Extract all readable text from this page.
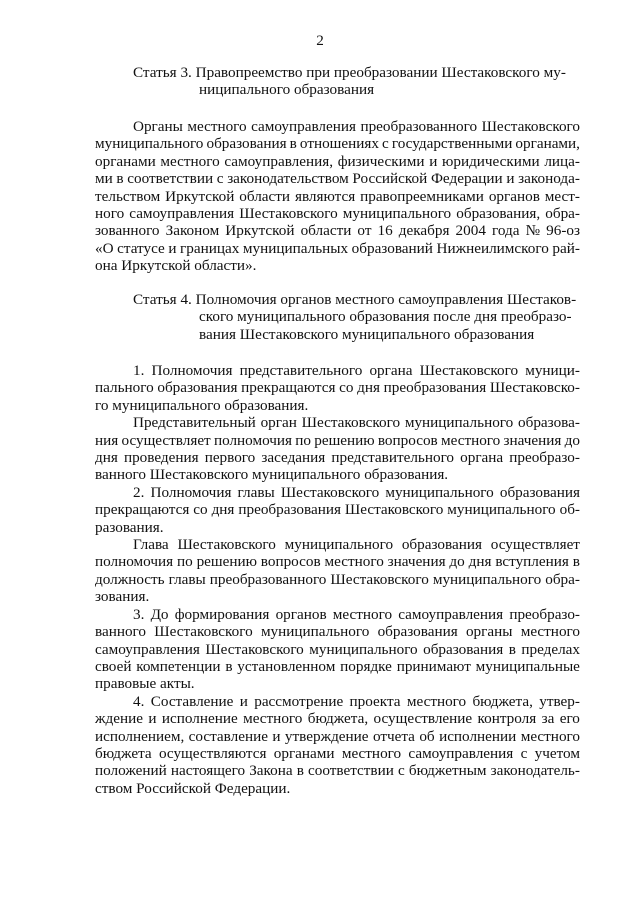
2
Статья 3. Правопреемство при преобразовании Шестаковского му-
ниципального образования
Органы местного самоуправления преобразованного Шестаковского
муниципального образования в отношениях с государственными органами,
органами местного самоуправления, физическими и юридическими лица-
ми в соответствии с законодательством Российской Федерации и законода-
тельством Иркутской области являются правопреемниками органов мест-
ного самоуправления Шестаковского муниципального образования, обра-
зованного Законом Иркутской области от 16 декабря 2004 года № 96-оз
«О статусе и границах муниципальных образований Нижнеилимского рай-
она Иркутской области».
Статья 4. Полномочия органов местного самоуправления Шестаков-
ского муниципального образования после дня преобразо-
вания Шестаковского муниципального образования
1. Полномочия представительного органа Шестаковского муници-
пального образования прекращаются со дня преобразования Шестаковско-
го муниципального образования.
Представительный орган Шестаковского муниципального образова-
ния осуществляет полномочия по решению вопросов местного значения до
дня проведения первого заседания представительного органа преобразо-
ванного Шестаковского муниципального образования.
2. Полномочия главы Шестаковского муниципального образования
прекращаются со дня преобразования Шестаковского муниципального об-
разования.
Глава Шестаковского муниципального образования осуществляет
полномочия по решению вопросов местного значения до дня вступления в
должность главы преобразованного Шестаковского муниципального обра-
зования.
3. До формирования органов местного самоуправления преобразо-
ванного Шестаковского муниципального образования органы местного
самоуправления Шестаковского муниципального образования в пределах
своей компетенции в установленном порядке принимают муниципальные
правовые акты.
4. Составление и рассмотрение проекта местного бюджета, утвер-
ждение и исполнение местного бюджета, осуществление контроля за его
исполнением, составление и утверждение отчета об исполнении местного
бюджета осуществляются органами местного самоуправления с учетом
положений настоящего Закона в соответствии с бюджетным законодатель-
ством Российской Федерации.
